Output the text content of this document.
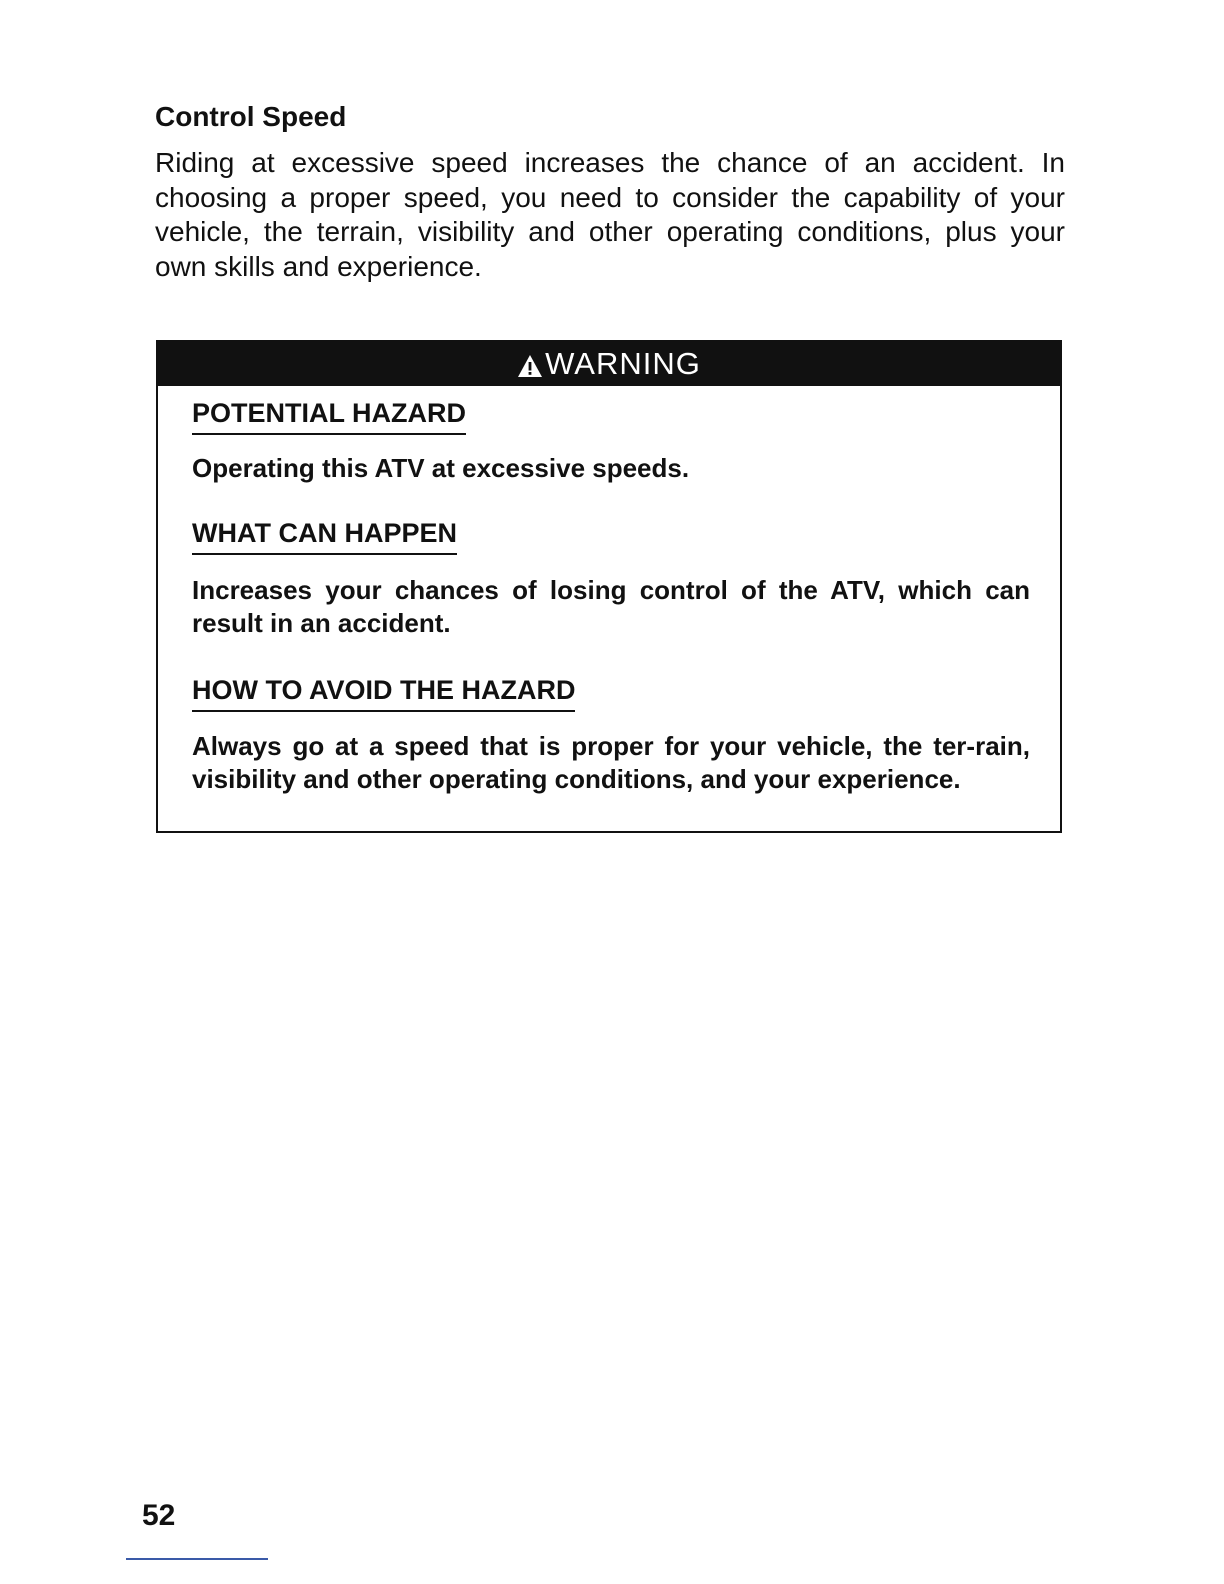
Control Speed

Riding at excessive speed increases the chance of an accident. In choosing a proper speed, you need to consider the capability of your vehicle, the terrain, visibility and other operating conditions, plus your own skills and experience.

WARNING
POTENTIAL HAZARD

Operating this ATV at excessive speeds.

WHAT CAN HAPPEN

Increases your chances of losing control of the ATV, which can result in an accident.

HOW TO AVOID THE HAZARD

Always go at a speed that is proper for your vehicle, the ter-rain, visibility and other operating conditions, and your experience.

52
